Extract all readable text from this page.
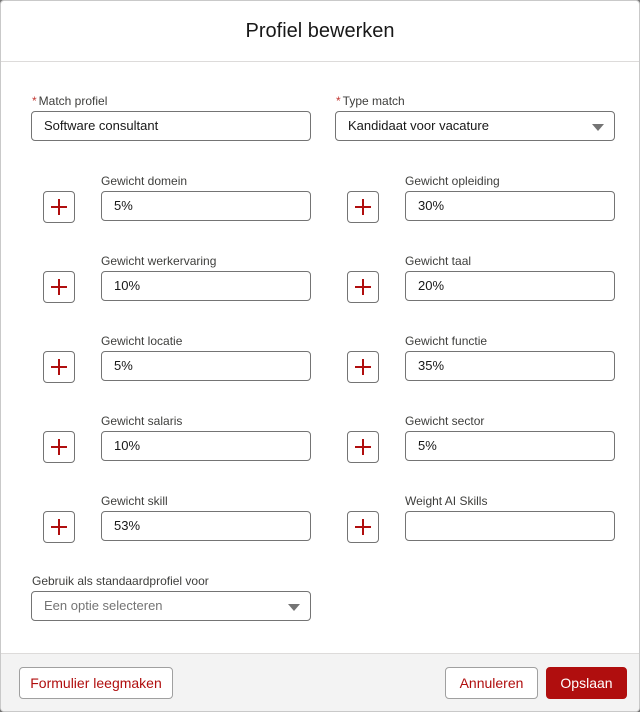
Profiel bewerken
* Match profiel
Software consultant
* Type match
Kandidaat voor vacature
Gewicht domein
5%
Gewicht werkervaring
10%
Gewicht locatie
5%
Gewicht salaris
10%
Gewicht skill
53%
Gewicht opleiding
30%
Gewicht taal
20%
Gewicht functie
35%
Gewicht sector
5%
Weight AI Skills
Gebruik als standaardprofiel voor
Een optie selecteren
Formulier leegmaken	Annuleren	Opslaan
